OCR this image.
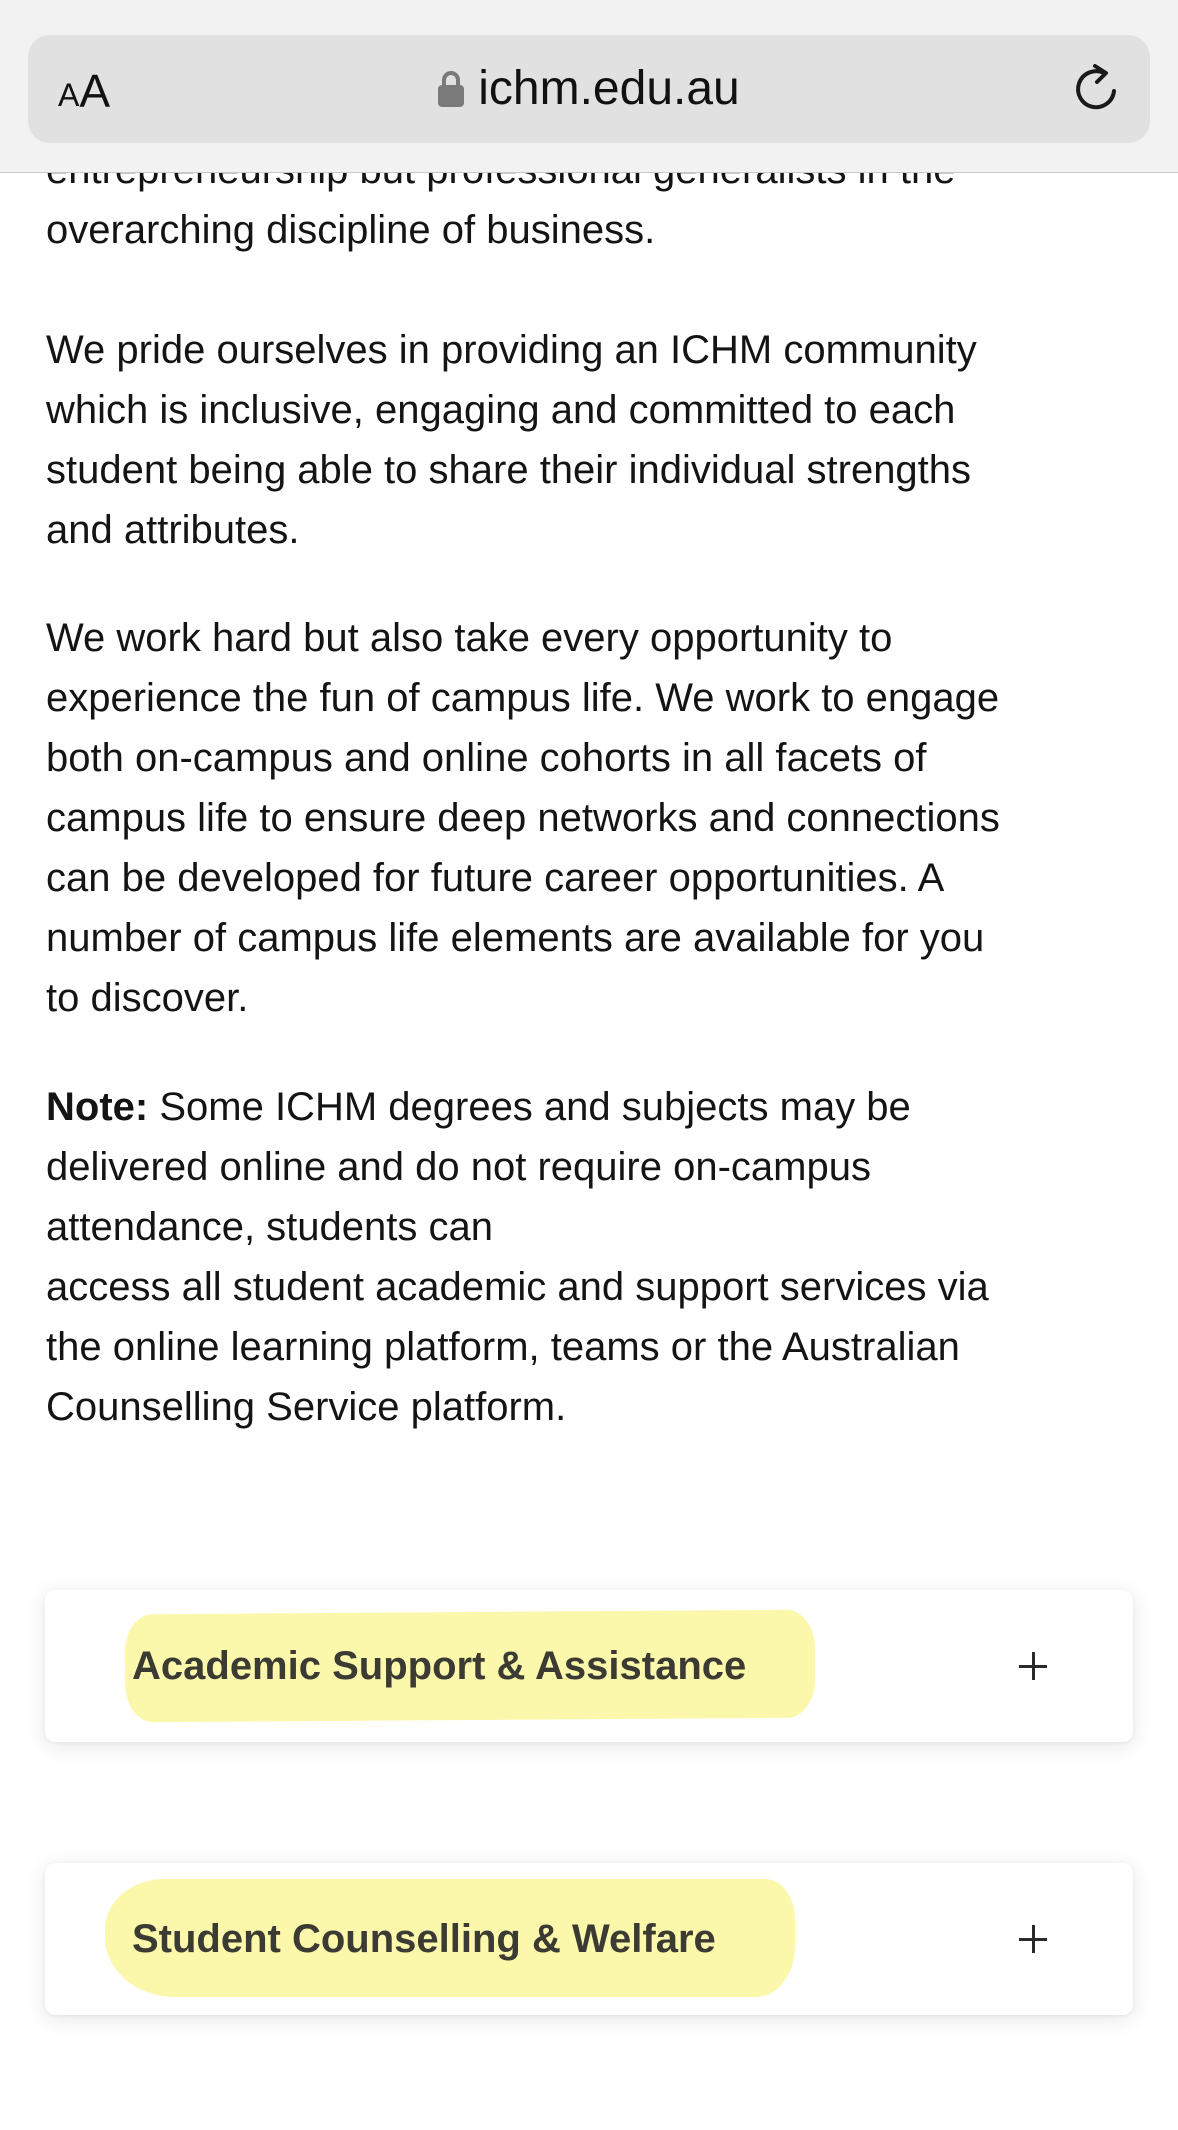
overarching discipline of business.

We pride ourselves in providing an ICHM community
which is inclusive, engaging and committed to each
student being able to share their individual strengths
and attributes.

We work hard but also take every opportunity to
experience the fun of campus life. We work to engage
both on-campus and online cohorts in all facets of
campus life to ensure deep networks and connections
can be developed for future career opportunities. A
number of campus life elements are available for you
to discover.

Note: Some ICHM degrees and subjects may be
delivered online and do not require on-campus
attendance, students can
access all student academic and support services via
the online learning platform, teams or the Australian
Counselling Service platform.

Academic Support & Assistance
Student Counselling & Welfare
A A	ichm.edu.au
